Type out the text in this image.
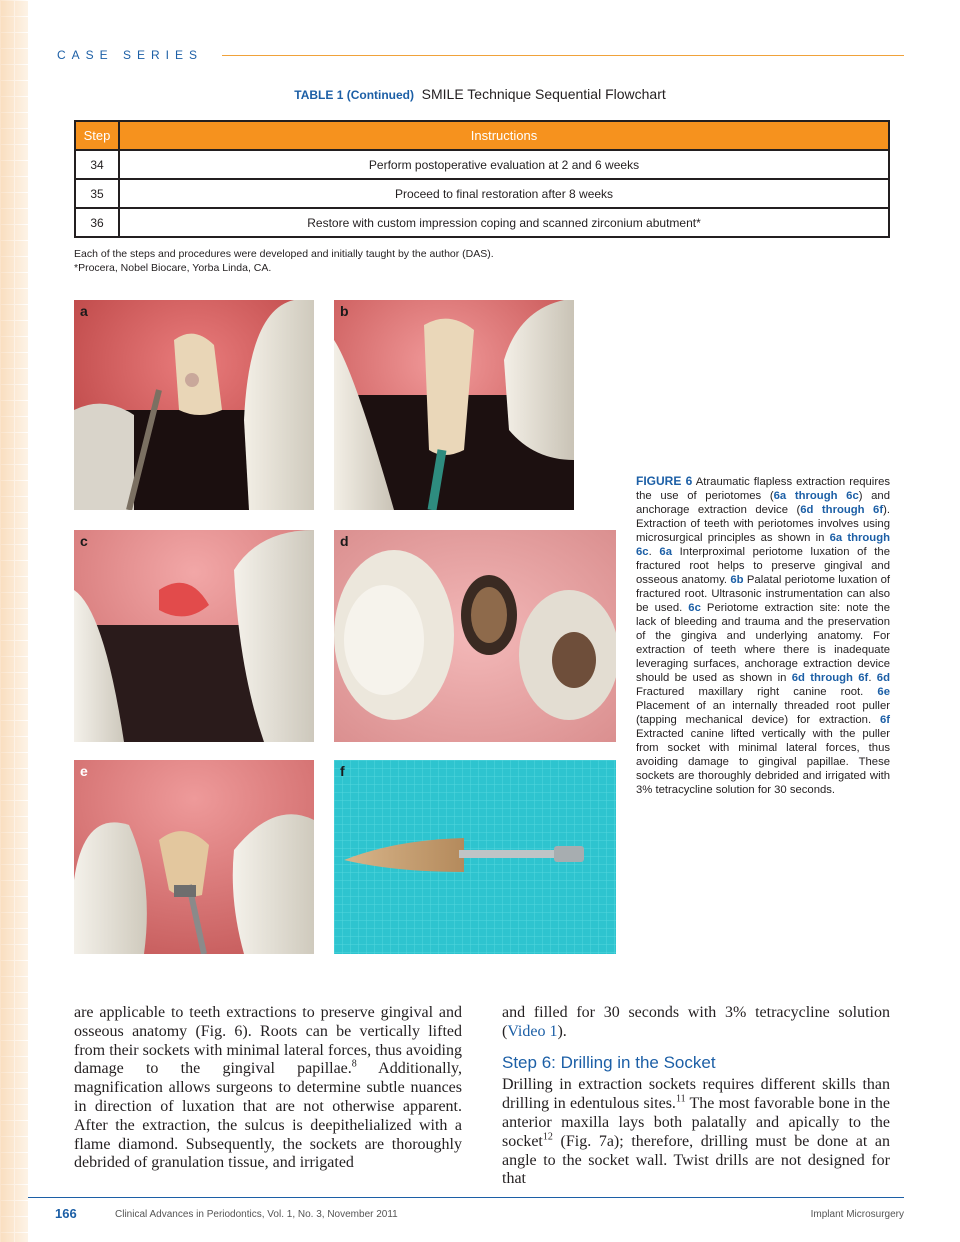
CASE SERIES
TABLE 1 (Continued) SMILE Technique Sequential Flowchart
Step	Instructions
34	Perform postoperative evaluation at 2 and 6 weeks
35	Proceed to final restoration after 8 weeks
36	Restore with custom impression coping and scanned zirconium abutment*
Each of the steps and procedures were developed and initially taught by the author (DAS).
*Procera, Nobel Biocare, Yorba Linda, CA.
a	b
c	d
e	f
FIGURE 6 Atraumatic flapless extraction requires the use of periotomes (6a through 6c) and anchorage extraction device (6d through 6f). Extraction of teeth with periotomes involves using microsurgical principles as shown in 6a through 6c. 6a Interproximal periotome luxation of the fractured root helps to preserve gingival and osseous anatomy. 6b Palatal periotome luxation of fractured root. Ultrasonic instrumentation can also be used. 6c Periotome extraction site: note the lack of bleeding and trauma and the preservation of the gingiva and underlying anatomy. For extraction of teeth where there is inadequate leveraging surfaces, anchorage extraction device should be used as shown in 6d through 6f. 6d Fractured maxillary right canine root. 6e Placement of an internally threaded root puller (tapping mechanical device) for extraction. 6f Extracted canine lifted vertically with the puller from socket with minimal lateral forces, thus avoiding damage to gingival papillae. These sockets are thoroughly debrided and irrigated with 3% tetracycline solution for 30 seconds.
are applicable to teeth extractions to preserve gingival and osseous anatomy (Fig. 6). Roots can be vertically lifted from their sockets with minimal lateral forces, thus avoiding damage to the gingival papillae.$^8$ Additionally, magnification allows surgeons to determine subtle nuances in direction of luxation that are not otherwise apparent. After the extraction, the sulcus is deepithelialized with a flame diamond. Subsequently, the sockets are thoroughly debrided of granulation tissue, and irrigated
and filled for 30 seconds with 3% tetracycline solution (Video 1).
Step 6: Drilling in the Socket
Drilling in extraction sockets requires different skills than drilling in edentulous sites.$^{11}$ The most favorable bone in the anterior maxilla lays both palatally and apically to the socket$^{12}$ (Fig. 7a); therefore, drilling must be done at an angle to the socket wall. Twist drills are not designed for that
166	Clinical Advances in Periodontics, Vol. 1, No. 3, November 2011	Implant Microsurgery
